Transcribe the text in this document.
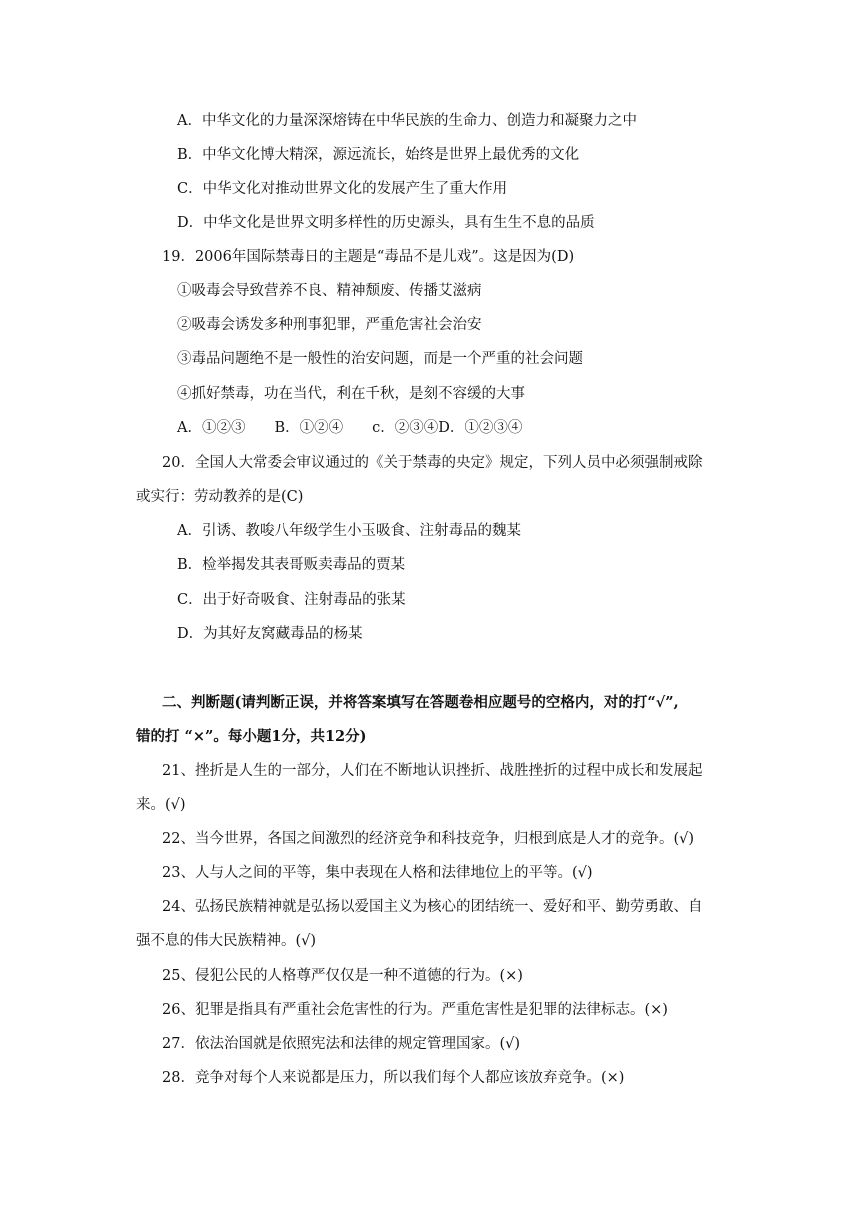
A．中华文化的力量深深熔铸在中华民族的生命力、创造力和凝聚力之中
B．中华文化博大精深，源远流长，始终是世界上最优秀的文化
C．中华文化对推动世界文化的发展产生了重大作用
D．中华文化是世界文明多样性的历史源头，具有生生不息的品质
19．2006年国际禁毒日的主题是“毒品不是儿戏”。这是因为(D)
①吸毒会导致营养不良、精神颓废、传播艾滋病
②吸毒会诱发多种刑事犯罪，严重危害社会治安
③毒品问题绝不是一般性的治安问题，而是一个严重的社会问题
④抓好禁毒，功在当代，利在千秋，是刻不容缓的大事
A．①②③　　B．①②④　　c．②③④D．①②③④
20．全国人大常委会审议通过的《关于禁毒的央定》规定，下列人员中必须强制戒除
或实行：劳动教养的是(C)
A．引诱、教唆八年级学生小玉吸食、注射毒品的魏某
B．检举揭发其表哥贩卖毒品的贾某
C．出于好奇吸食、注射毒品的张某
D．为其好友窝藏毒品的杨某
二、判断题(请判断正误，并将答案填写在答题卷相应题号的空格内，对的打“√”,
错的打 “×”。每小题1分，共12分)
21、挫折是人生的一部分，人们在不断地认识挫折、战胜挫折的过程中成长和发展起
来。(√)
22、当今世界，各国之间激烈的经济竞争和科技竞争，归根到底是人才的竞争。(√)
23、人与人之间的平等，集中表现在人格和法律地位上的平等。(√)
24、弘扬民族精神就是弘扬以爱国主义为核心的团结统一、爱好和平、勤劳勇敢、自
强不息的伟大民族精神。(√)
25、侵犯公民的人格尊严仅仅是一种不道德的行为。(×)
26、犯罪是指具有严重社会危害性的行为。严重危害性是犯罪的法律标志。(×)
27．依法治国就是依照宪法和法律的规定管理国家。(√)
28．竞争对每个人来说都是压力，所以我们每个人都应该放弃竞争。(×)
